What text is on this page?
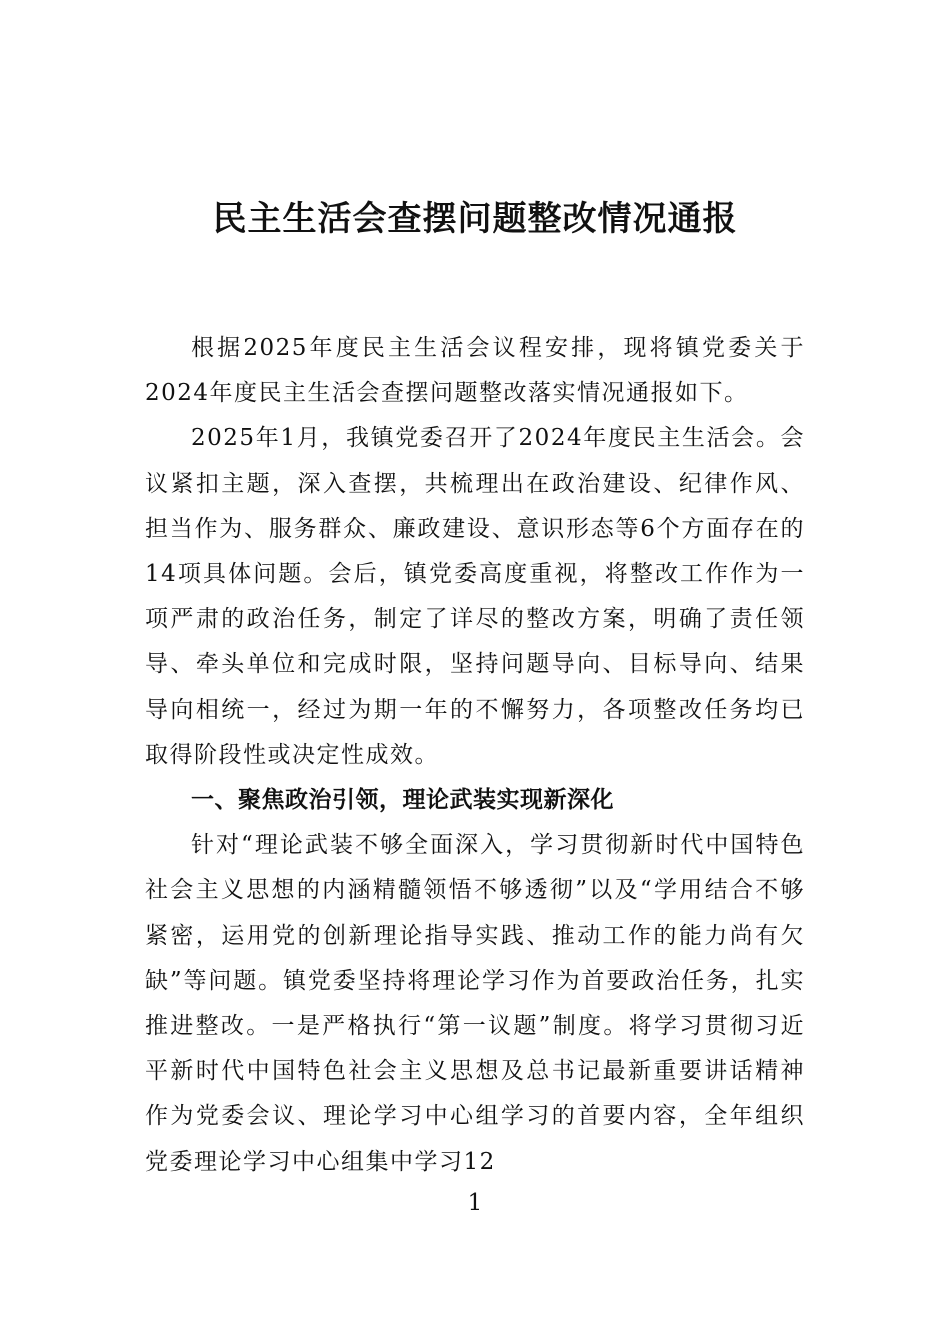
民主生活会查摆问题整改情况通报

根据2025年度民主生活会议程安排，现将镇党委关于2024年度民主生活会查摆问题整改落实情况通报如下。

2025年1月，我镇党委召开了2024年度民主生活会。会议紧扣主题，深入查摆，共梳理出在政治建设、纪律作风、担当作为、服务群众、廉政建设、意识形态等6个方面存在的14项具体问题。会后，镇党委高度重视，将整改工作作为一项严肃的政治任务，制定了详尽的整改方案，明确了责任领导、牵头单位和完成时限，坚持问题导向、目标导向、结果导向相统一，经过为期一年的不懈努力，各项整改任务均已取得阶段性或决定性成效。

一、聚焦政治引领，理论武装实现新深化

针对“理论武装不够全面深入，学习贯彻新时代中国特色社会主义思想的内涵精髓领悟不够透彻”以及“学用结合不够紧密，运用党的创新理论指导实践、推动工作的能力尚有欠缺”等问题。镇党委坚持将理论学习作为首要政治任务，扎实推进整改。一是严格执行“第一议题”制度。将学习贯彻习近平新时代中国特色社会主义思想及总书记最新重要讲话精神作为党委会议、理论学习中心组学习的首要内容，全年组织党委理论学习中心组集中学习12

1
